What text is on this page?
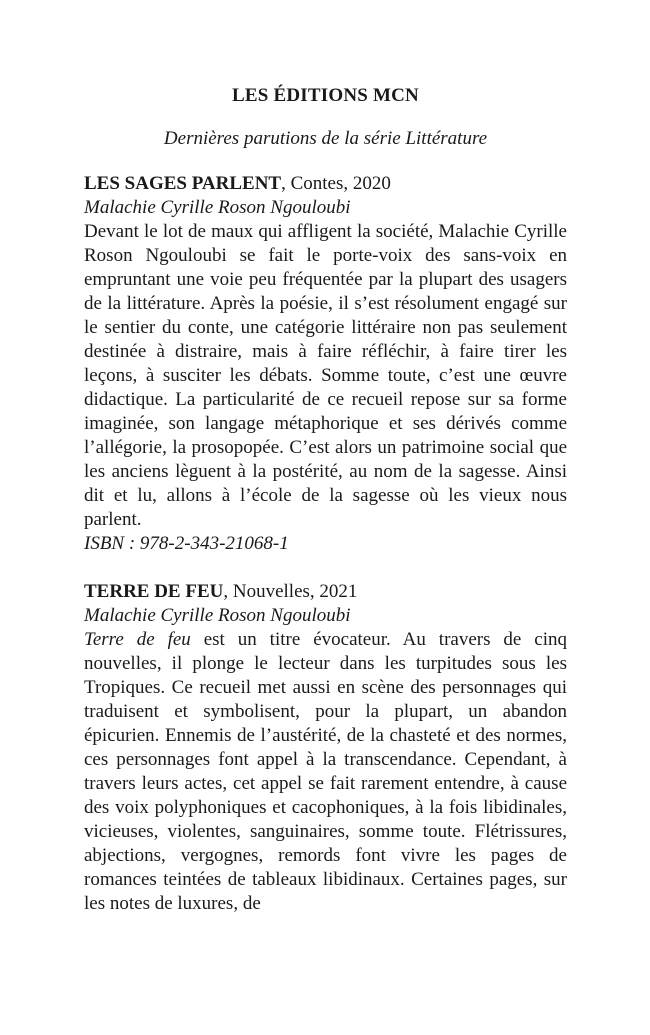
LES ÉDITIONS MCN

Dernières parutions de la série Littérature

LES SAGES PARLENT, Contes, 2020

Malachie Cyrille Roson Ngouloubi

Devant le lot de maux qui affligent la société, Malachie Cyrille Roson Ngouloubi se fait le porte-voix des sans-voix en empruntant une voie peu fréquentée par la plupart des usagers de la littérature. Après la poésie, il s’est résolument engagé sur le sentier du conte, une catégorie littéraire non pas seulement destinée à distraire, mais à faire réfléchir, à faire tirer les leçons, à susciter les débats. Somme toute, c’est une œuvre didactique. La particularité de ce recueil repose sur sa forme imaginée, son langage métaphorique et ses dérivés comme l’allégorie, la prosopopée. C’est alors un patrimoine social que les anciens lèguent à la postérité, au nom de la sagesse. Ainsi dit et lu, allons à l’école de la sagesse où les vieux nous parlent.

ISBN : 978-2-343-21068-1

TERRE DE FEU, Nouvelles, 2021

Malachie Cyrille Roson Ngouloubi

Terre de feu est un titre évocateur. Au travers de cinq nouvelles, il plonge le lecteur dans les turpitudes sous les Tropiques. Ce recueil met aussi en scène des personnages qui traduisent et symbolisent, pour la plupart, un abandon épicurien. Ennemis de l’austérité, de la chasteté et des normes, ces personnages font appel à la transcendance. Cependant, à travers leurs actes, cet appel se fait rarement entendre, à cause des voix polyphoniques et cacophoniques, à la fois libidinales, vicieuses, violentes, sanguinaires, somme toute. Flétrissures, abjections, vergognes, remords font vivre les pages de romances teintées de tableaux libidinaux. Certaines pages, sur les notes de luxures, de
